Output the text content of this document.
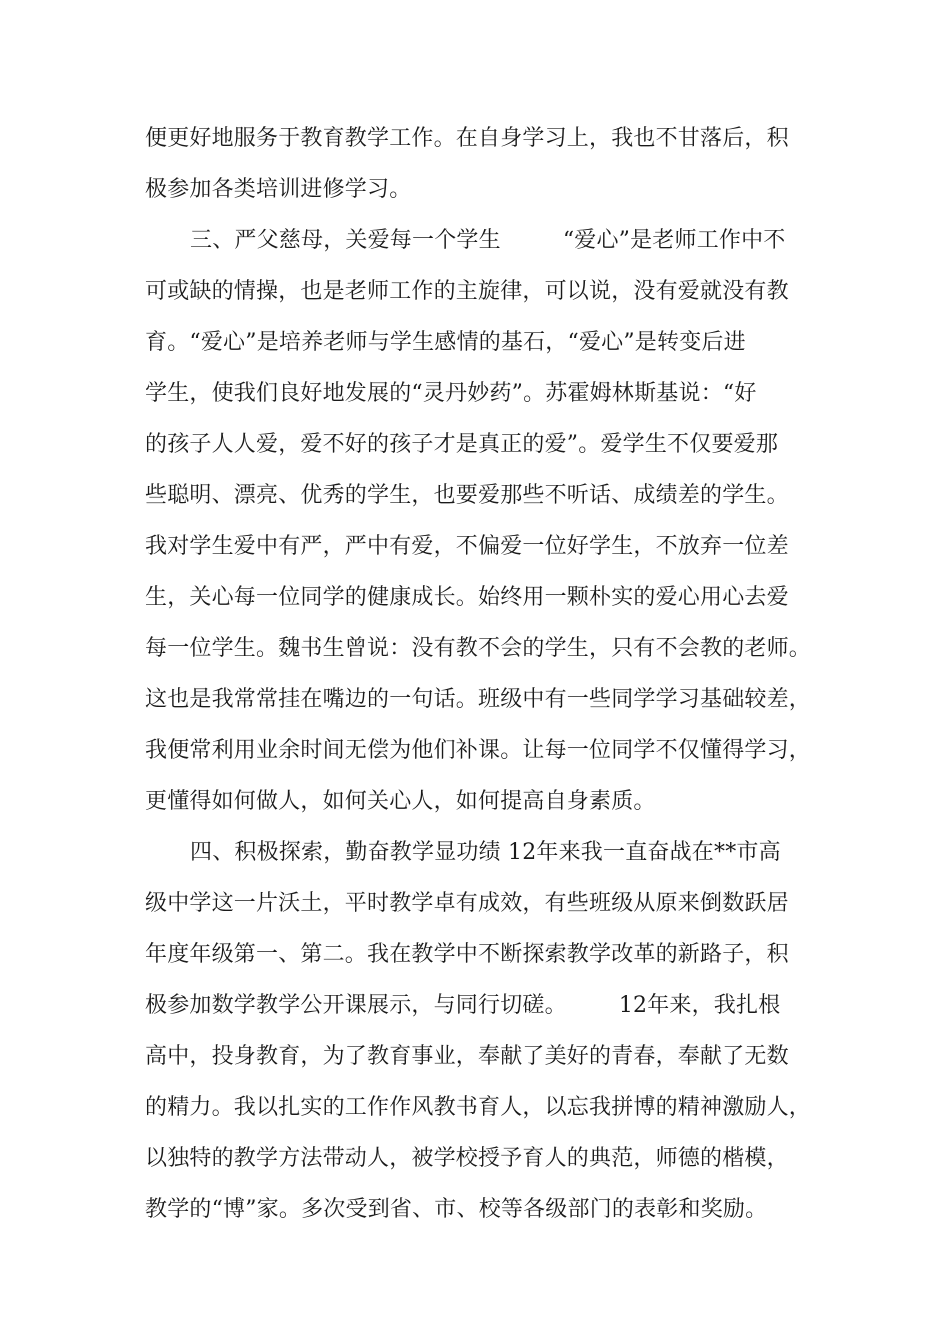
便更好地服务于教育教学工作。在自身学习上，我也不甘落后，积
极参加各类培训进修学习。
三、严父慈母，关爱每一个学生	“爱心”是老师工作中不
可或缺的情操，也是老师工作的主旋律，可以说，没有爱就没有教
育。“爱心”是培养老师与学生感情的基石，“爱心”是转变后进
学生，使我们良好地发展的“灵丹妙药”。苏霍姆林斯基说：“好
的孩子人人爱，爱不好的孩子才是真正的爱”。爱学生不仅要爱那
些聪明、漂亮、优秀的学生，也要爱那些不听话、成绩差的学生。
我对学生爱中有严，严中有爱，不偏爱一位好学生，不放弃一位差
生，关心每一位同学的健康成长。始终用一颗朴实的爱心用心去爱
每一位学生。魏书生曾说：没有教不会的学生，只有不会教的老师。
这也是我常常挂在嘴边的一句话。班级中有一些同学学习基础较差，
我便常利用业余时间无偿为他们补课。让每一位同学不仅懂得学习，
更懂得如何做人，如何关心人，如何提高自身素质。
四、积极探索，勤奋教学显功绩 12年来我一直奋战在**市高
级中学这一片沃土，平时教学卓有成效，有些班级从原来倒数跃居
年度年级第一、第二。我在教学中不断探索教学改革的新路子，积
极参加数学教学公开课展示，与同行切磋。 12年来，我扎根
高中，投身教育，为了教育事业，奉献了美好的青春，奉献了无数
的精力。我以扎实的工作作风教书育人，以忘我拼博的精神激励人，
以独特的教学方法带动人，被学校授予育人的典范，师德的楷模，
教学的“博”家。多次受到省、市、校等各级部门的表彰和奖励。
